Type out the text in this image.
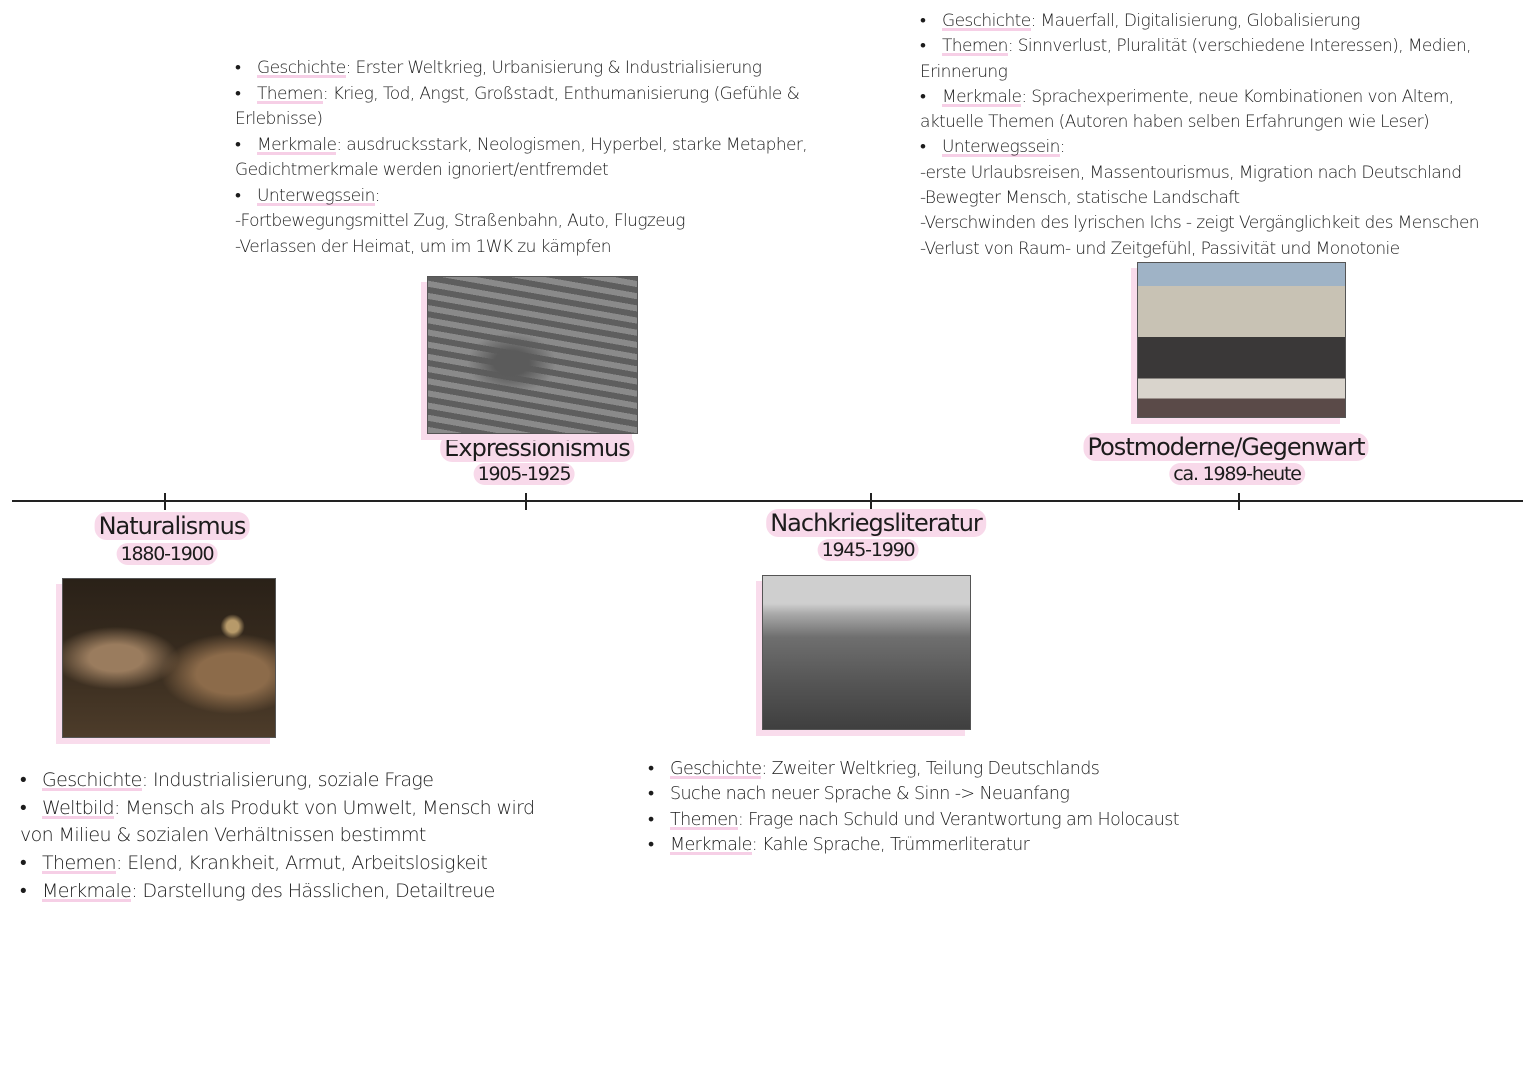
Naturalismus
1880-1900
Expressionismus
1905-1925
Nachkriegsliteratur
1945-1990
Postmoderne/Gegenwart
ca. 1989-heute
• Geschichte: Industrialisierung, soziale Frage
• Weltbild: Mensch als Produkt von Umwelt, Mensch wird
von Milieu & sozialen Verhältnissen bestimmt
• Themen: Elend, Krankheit, Armut, Arbeitslosigkeit
• Merkmale: Darstellung des Hässlichen, Detailtreue
• Geschichte: Erster Weltkrieg, Urbanisierung & Industrialisierung
• Themen: Krieg, Tod, Angst, Großstadt, Enthumanisierung (Gefühle &
Erlebnisse)
• Merkmale: ausdrucksstark, Neologismen, Hyperbel, starke Metapher,
Gedichtmerkmale werden ignoriert/entfremdet
• Unterwegssein:
-Fortbewegungsmittel Zug, Straßenbahn, Auto, Flugzeug
-Verlassen der Heimat, um im 1WK zu kämpfen
• Geschichte: Zweiter Weltkrieg, Teilung Deutschlands
• Suche nach neuer Sprache & Sinn -> Neuanfang
• Themen: Frage nach Schuld und Verantwortung am Holocaust
• Merkmale: Kahle Sprache, Trümmerliteratur
• Geschichte: Mauerfall, Digitalisierung, Globalisierung
• Themen: Sinnverlust, Pluralität (verschiedene Interessen), Medien,
Erinnerung
• Merkmale: Sprachexperimente, neue Kombinationen von Altem,
aktuelle Themen (Autoren haben selben Erfahrungen wie Leser)
• Unterwegssein:
-erste Urlaubsreisen, Massentourismus, Migration nach Deutschland
-Bewegter Mensch, statische Landschaft
-Verschwinden des lyrischen Ichs - zeigt Vergänglichkeit des Menschen
-Verlust von Raum- und Zeitgefühl, Passivität und Monotonie
